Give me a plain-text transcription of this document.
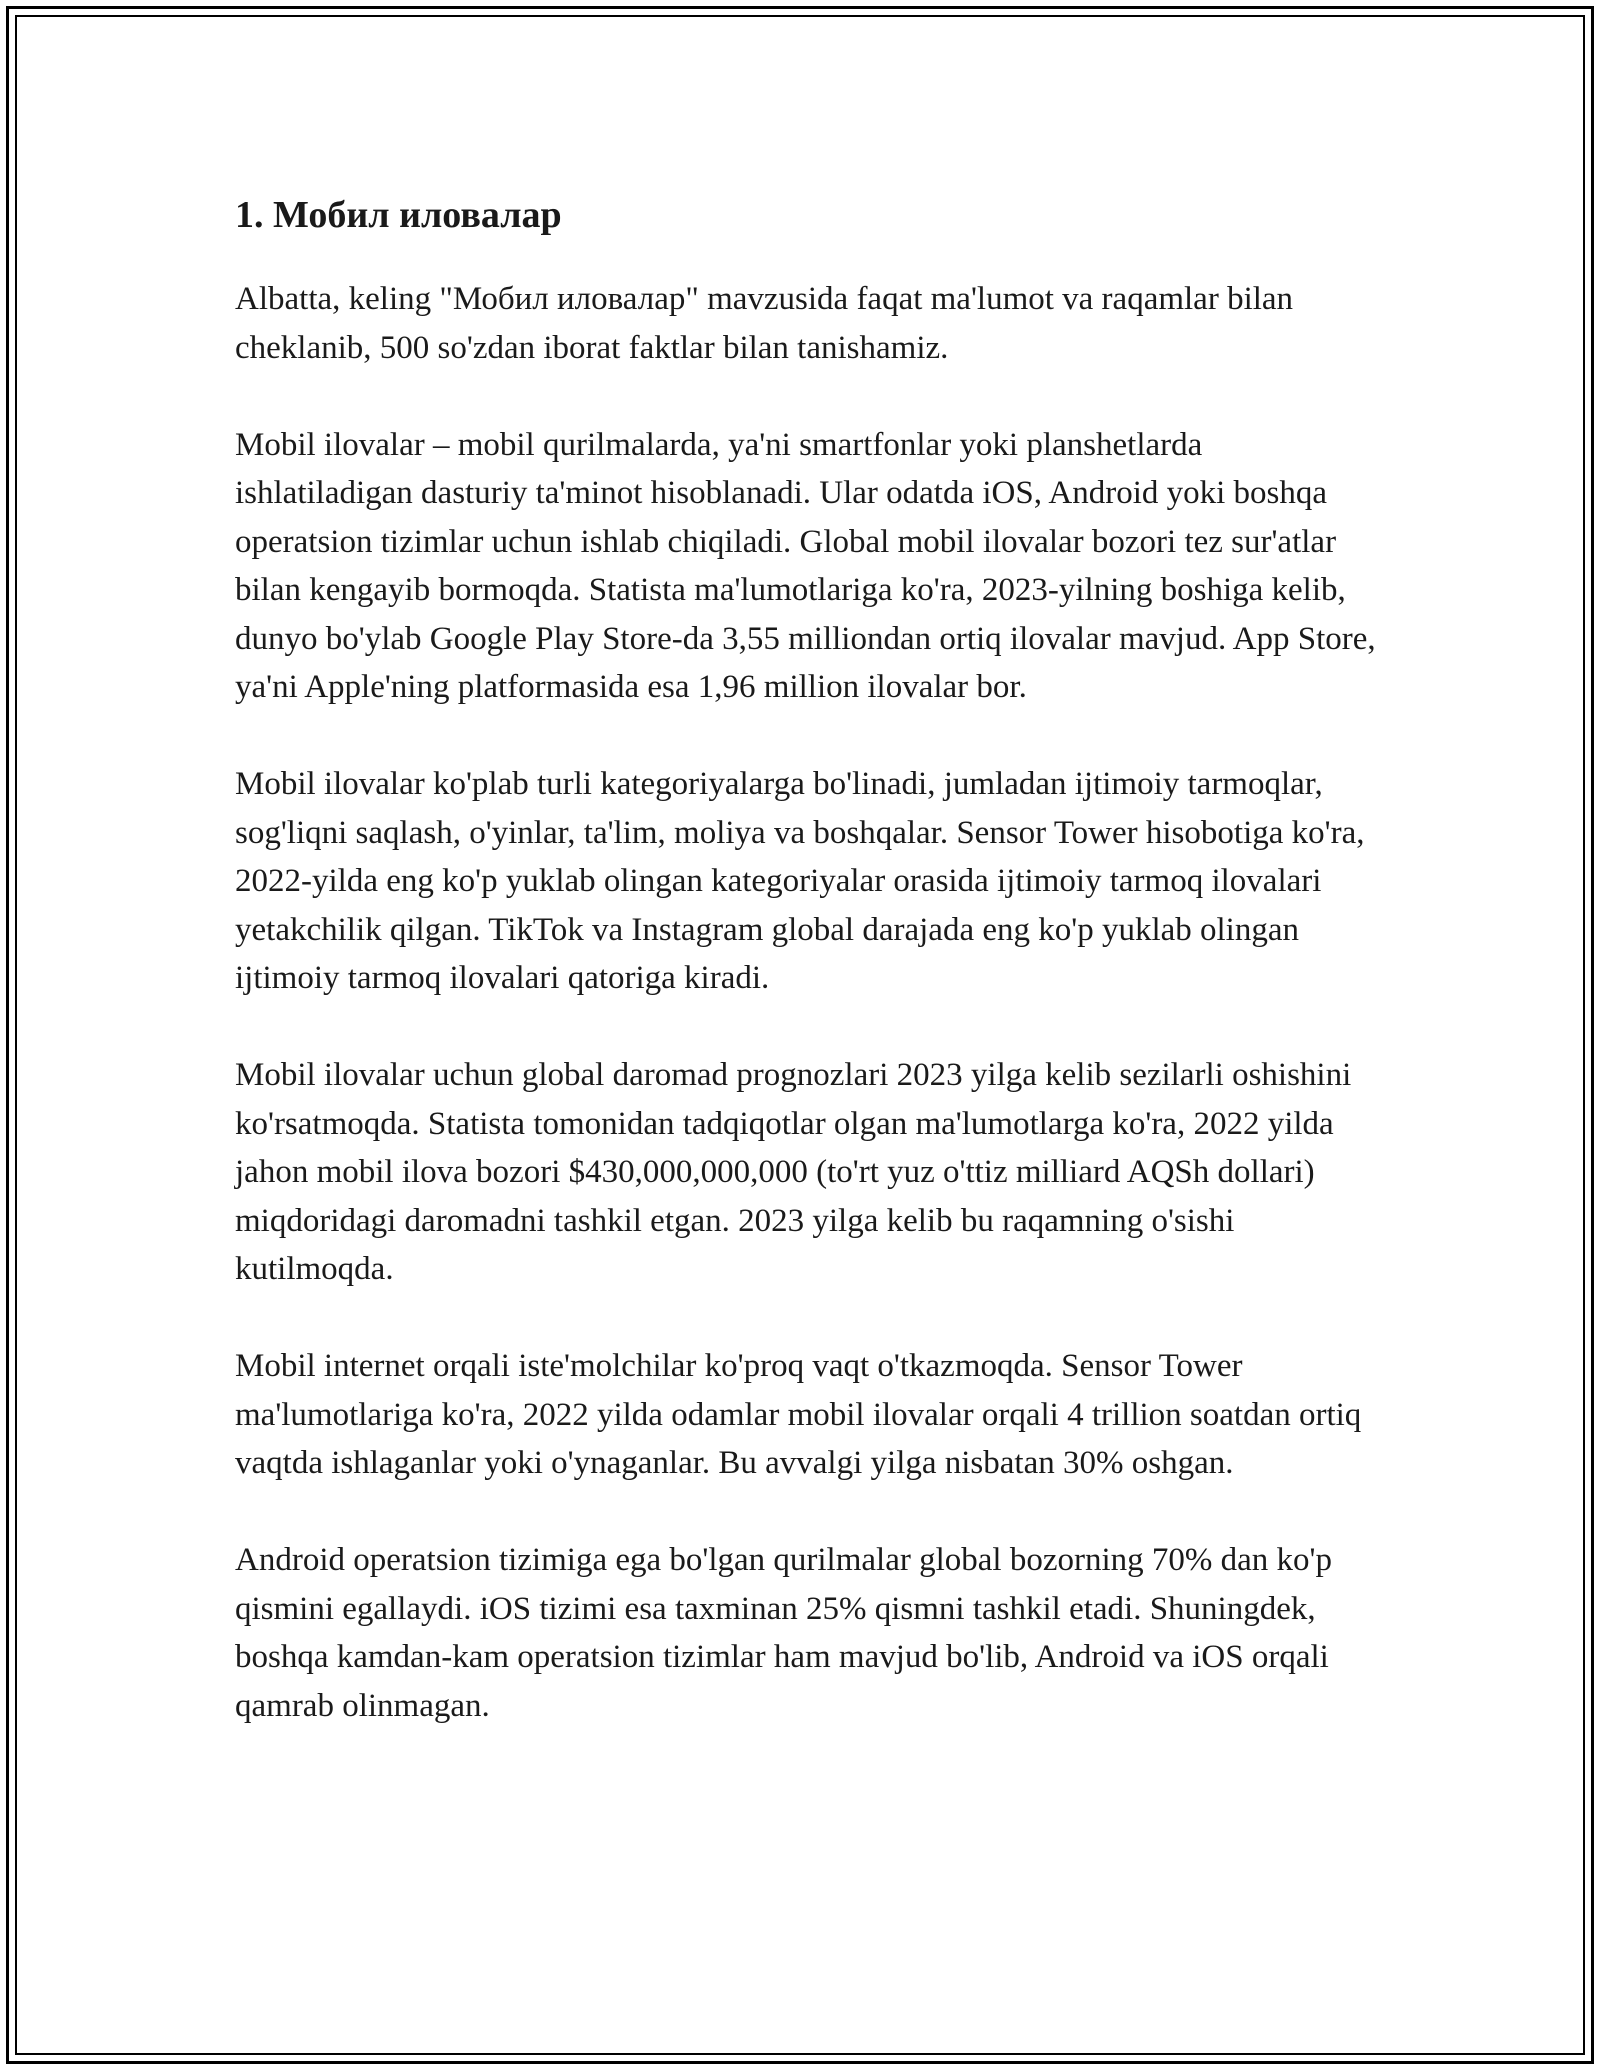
1. Мобил иловалар

Albatta, keling "Мобил иловалар" mavzusida faqat ma'lumot va raqamlar bilan cheklanib, 500 so'zdan iborat faktlar bilan tanishamiz.

Mobil ilovalar – mobil qurilmalarda, ya'ni smartfonlar yoki planshetlarda ishlatiladigan dasturiy ta'minot hisoblanadi. Ular odatda iOS, Android yoki boshqa operatsion tizimlar uchun ishlab chiqiladi. Global mobil ilovalar bozori tez sur'atlar bilan kengayib bormoqda. Statista ma'lumotlariga ko'ra, 2023-yilning boshiga kelib, dunyo bo'ylab Google Play Store-da 3,55 milliondan ortiq ilovalar mavjud. App Store, ya'ni Apple'ning platformasida esa 1,96 million ilovalar bor.

Mobil ilovalar ko'plab turli kategoriyalarga bo'linadi, jumladan ijtimoiy tarmoqlar, sog'liqni saqlash, o'yinlar, ta'lim, moliya va boshqalar. Sensor Tower hisobotiga ko'ra, 2022-yilda eng ko'p yuklab olingan kategoriyalar orasida ijtimoiy tarmoq ilovalari yetakchilik qilgan. TikTok va Instagram global darajada eng ko'p yuklab olingan ijtimoiy tarmoq ilovalari qatoriga kiradi.

Mobil ilovalar uchun global daromad prognozlari 2023 yilga kelib sezilarli oshishini ko'rsatmoqda. Statista tomonidan tadqiqotlar olgan ma'lumotlarga ko'ra, 2022 yilda jahon mobil ilova bozori $430,000,000,000 (to'rt yuz o'ttiz milliard AQSh dollari) miqdoridagi daromadni tashkil etgan. 2023 yilga kelib bu raqamning o'sishi kutilmoqda.

Mobil internet orqali iste'molchilar ko'proq vaqt o'tkazmoqda. Sensor Tower ma'lumotlariga ko'ra, 2022 yilda odamlar mobil ilovalar orqali 4 trillion soatdan ortiq vaqtda ishlaganlar yoki o'ynaganlar. Bu avvalgi yilga nisbatan 30% oshgan.

Android operatsion tizimiga ega bo'lgan qurilmalar global bozorning 70% dan ko'p qismini egallaydi. iOS tizimi esa taxminan 25% qismni tashkil etadi. Shuningdek, boshqa kamdan-kam operatsion tizimlar ham mavjud bo'lib, Android va iOS orqali qamrab olinmagan.
